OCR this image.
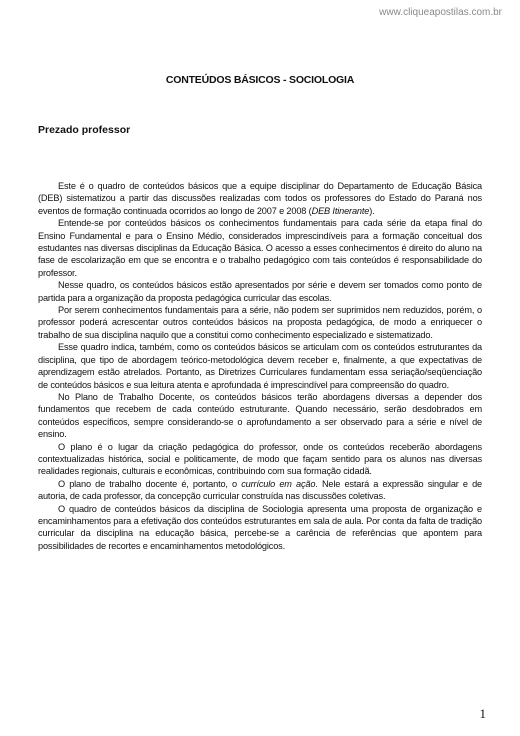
www.cliqueapostilas.com.br
CONTEÚDOS BÁSICOS - SOCIOLOGIA
Prezado professor

Este é o quadro de conteúdos básicos que a equipe disciplinar do Departamento de Educação Básica (DEB) sistematizou a partir das discussões realizadas com todos os professores do Estado do Paraná nos eventos de formação continuada ocorridos ao longo de 2007 e 2008 (DEB Itinerante).

Entende-se por conteúdos básicos os conhecimentos fundamentais para cada série da etapa final do Ensino Fundamental e para o Ensino Médio, considerados imprescindíveis para a formação conceitual dos estudantes nas diversas disciplinas da Educação Básica. O acesso a esses conhecimentos é direito do aluno na fase de escolarização em que se encontra e o trabalho pedagógico com tais conteúdos é responsabilidade do professor.

Nesse quadro, os conteúdos básicos estão apresentados por série e devem ser tomados como ponto de partida para a organização da proposta pedagógica curricular das escolas.

Por serem conhecimentos fundamentais para a série, não podem ser suprimidos nem reduzidos, porém, o professor poderá acrescentar outros conteúdos básicos na proposta pedagógica, de modo a enriquecer o trabalho de sua disciplina naquilo que a constitui como conhecimento especializado e sistematizado.

Esse quadro indica, também, como os conteúdos básicos se articulam com os conteúdos estruturantes da disciplina, que tipo de abordagem teórico-metodológica devem receber e, finalmente, a que expectativas de aprendizagem estão atrelados. Portanto, as Diretrizes Curriculares fundamentam essa seriação/seqüenciação de conteúdos básicos e sua leitura atenta e aprofundada é imprescindível para compreensão do quadro.

No Plano de Trabalho Docente, os conteúdos básicos terão abordagens diversas a depender dos fundamentos que recebem de cada conteúdo estruturante. Quando necessário, serão desdobrados em conteúdos específicos, sempre considerando-se o aprofundamento a ser observado para a série e nível de ensino.

O plano é o lugar da criação pedagógica do professor, onde os conteúdos receberão abordagens contextualizadas histórica, social e politicamente, de modo que façam sentido para os alunos nas diversas realidades regionais, culturais e econômicas, contribuindo com sua formação cidadã.

O plano de trabalho docente é, portanto, o currículo em ação. Nele estará a expressão singular e de autoria, de cada professor, da concepção curricular construída nas discussões coletivas.

O quadro de conteúdos básicos da disciplina de Sociologia apresenta uma proposta de organização e encaminhamentos para a efetivação dos conteúdos estruturantes em sala de aula. Por conta da falta de tradição curricular da disciplina na educação básica, percebe-se a carência de referências que apontem para possibilidades de recortes e encaminhamentos metodológicos.

1
